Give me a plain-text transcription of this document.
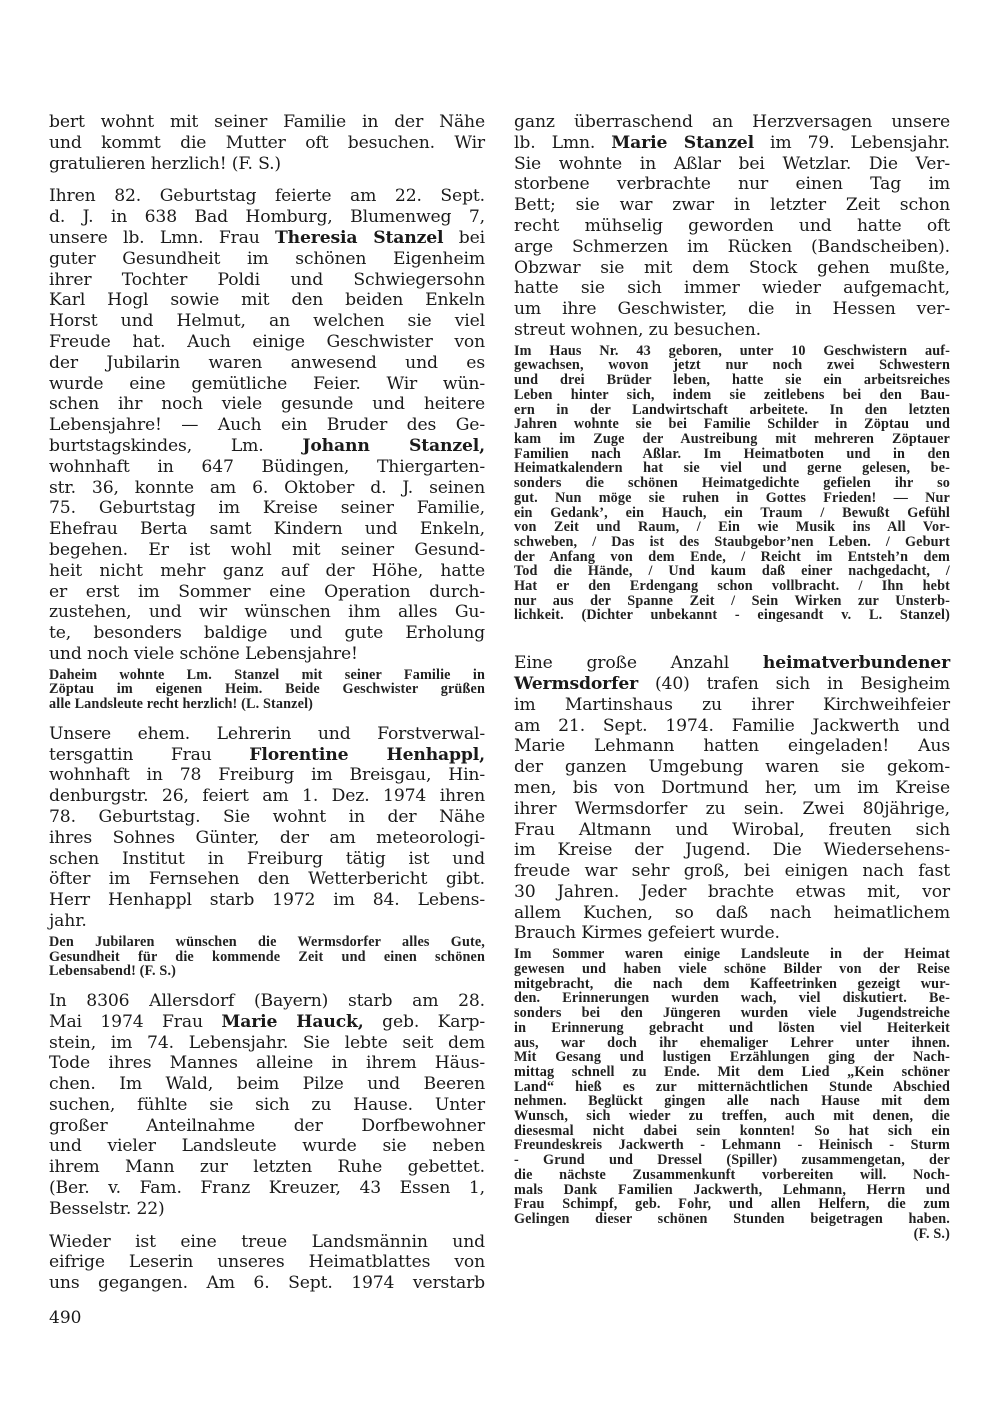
bert wohnt mit seiner Familie in der Nähe
und kommt die Mutter oft besuchen. Wir
gratulieren herzlich! (F. S.)
Ihren 82. Geburtstag feierte am 22. Sept.
d. J. in 638 Bad Homburg, Blumenweg 7,
unsere lb. Lmn. Frau Theresia Stanzel bei
guter Gesundheit im schönen Eigenheim
ihrer Tochter Poldi und Schwiegersohn
Karl Hogl sowie mit den beiden Enkeln
Horst und Helmut, an welchen sie viel
Freude hat. Auch einige Geschwister von
der Jubilarin waren anwesend und es
wurde eine gemütliche Feier. Wir wün-
schen ihr noch viele gesunde und heitere
Lebensjahre! — Auch ein Bruder des Ge-
burtstagskindes, Lm. Johann Stanzel,
wohnhaft in 647 Büdingen, Thiergarten-
str. 36, konnte am 6. Oktober d. J. seinen
75. Geburtstag im Kreise seiner Familie,
Ehefrau Berta samt Kindern und Enkeln,
begehen. Er ist wohl mit seiner Gesund-
heit nicht mehr ganz auf der Höhe, hatte
er erst im Sommer eine Operation durch-
zustehen, und wir wünschen ihm alles Gu-
te, besonders baldige und gute Erholung
und noch viele schöne Lebensjahre!
Daheim wohnte Lm. Stanzel mit seiner Familie in
Zöptau im eigenen Heim. Beide Geschwister grüßen
alle Landsleute recht herzlich! (L. Stanzel)
Unsere ehem. Lehrerin und Forstverwal-
tersgattin Frau Florentine Henhappl,
wohnhaft in 78 Freiburg im Breisgau, Hin-
denburgstr. 26, feiert am 1. Dez. 1974 ihren
78. Geburtstag. Sie wohnt in der Nähe
ihres Sohnes Günter, der am meteorologi-
schen Institut in Freiburg tätig ist und
öfter im Fernsehen den Wetterbericht gibt.
Herr Henhappl starb 1972 im 84. Lebens-
jahr.
Den Jubilaren wünschen die Wermsdorfer alles Gute,
Gesundheit für die kommende Zeit und einen schönen
Lebensabend! (F. S.)
In 8306 Allersdorf (Bayern) starb am 28.
Mai 1974 Frau Marie Hauck, geb. Karp-
stein, im 74. Lebensjahr. Sie lebte seit dem
Tode ihres Mannes alleine in ihrem Häus-
chen. Im Wald, beim Pilze und Beeren
suchen, fühlte sie sich zu Hause. Unter
großer Anteilnahme der Dorfbewohner
und vieler Landsleute wurde sie neben
ihrem Mann zur letzten Ruhe gebettet.
(Ber. v. Fam. Franz Kreuzer, 43 Essen 1,
Besselstr. 22)
Wieder ist eine treue Landsmännin und
eifrige Leserin unseres Heimatblattes von
uns gegangen. Am 6. Sept. 1974 verstarb
ganz überraschend an Herzversagen unsere
lb. Lmn. Marie Stanzel im 79. Lebensjahr.
Sie wohnte in Aßlar bei Wetzlar. Die Ver-
storbene verbrachte nur einen Tag im
Bett; sie war zwar in letzter Zeit schon
recht mühselig geworden und hatte oft
arge Schmerzen im Rücken (Bandscheiben).
Obzwar sie mit dem Stock gehen mußte,
hatte sie sich immer wieder aufgemacht,
um ihre Geschwister, die in Hessen ver-
streut wohnen, zu besuchen.
Im Haus Nr. 43 geboren, unter 10 Geschwistern auf-
gewachsen, wovon jetzt nur noch zwei Schwestern
und drei Brüder leben, hatte sie ein arbeitsreiches
Leben hinter sich, indem sie zeitlebens bei den Bau-
ern in der Landwirtschaft arbeitete. In den letzten
Jahren wohnte sie bei Familie Schilder in Zöptau und
kam im Zuge der Austreibung mit mehreren Zöptauer
Familien nach Aßlar. Im Heimatboten und in den
Heimatkalendern hat sie viel und gerne gelesen, be-
sonders die schönen Heimatgedichte gefielen ihr so
gut. Nun möge sie ruhen in Gottes Frieden! — Nur
ein Gedank’, ein Hauch, ein Traum / Bewußt Gefühl
von Zeit und Raum, / Ein wie Musik ins All Vor-
schweben, / Das ist des Staubgebor’nen Leben. / Geburt
der Anfang von dem Ende, / Reicht im Entsteh’n dem
Tod die Hände, / Und kaum daß einer nachgedacht, /
Hat er den Erdengang schon vollbracht. / Ihn hebt
nur aus der Spanne Zeit / Sein Wirken zur Unsterb-
lichkeit. (Dichter unbekannt - eingesandt v. L. Stanzel)
Eine große Anzahl heimatverbundener
Wermsdorfer (40) trafen sich in Besigheim
im Martinshaus zu ihrer Kirchweihfeier
am 21. Sept. 1974. Familie Jackwerth und
Marie Lehmann hatten eingeladen! Aus
der ganzen Umgebung waren sie gekom-
men, bis von Dortmund her, um im Kreise
ihrer Wermsdorfer zu sein. Zwei 80jährige,
Frau Altmann und Wirobal, freuten sich
im Kreise der Jugend. Die Wiedersehens-
freude war sehr groß, bei einigen nach fast
30 Jahren. Jeder brachte etwas mit, vor
allem Kuchen, so daß nach heimatlichem
Brauch Kirmes gefeiert wurde.
Im Sommer waren einige Landsleute in der Heimat
gewesen und haben viele schöne Bilder von der Reise
mitgebracht, die nach dem Kaffeetrinken gezeigt wur-
den. Erinnerungen wurden wach, viel diskutiert. Be-
sonders bei den Jüngeren wurden viele Jugendstreiche
in Erinnerung gebracht und lösten viel Heiterkeit
aus, war doch ihr ehemaliger Lehrer unter ihnen.
Mit Gesang und lustigen Erzählungen ging der Nach-
mittag schnell zu Ende. Mit dem Lied „Kein schöner
Land“ hieß es zur mitternächtlichen Stunde Abschied
nehmen. Beglückt gingen alle nach Hause mit dem
Wunsch, sich wieder zu treffen, auch mit denen, die
diesesmal nicht dabei sein konnten! So hat sich ein
Freundeskreis Jackwerth - Lehmann - Heinisch - Sturm
- Grund und Dressel (Spiller) zusammengetan, der
die nächste Zusammenkunft vorbereiten will. Noch-
mals Dank Familien Jackwerth, Lehmann, Herrn und
Frau Schimpf, geb. Fohr, und allen Helfern, die zum
Gelingen dieser schönen Stunden beigetragen haben.
(F. S.)
490
